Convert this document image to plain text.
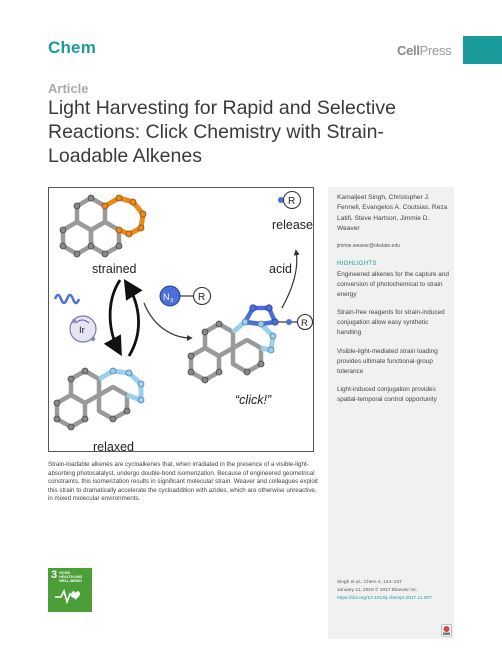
Chem	CellPress
Article
Light Harvesting for Rapid and Selective Reactions: Click Chemistry with Strain-Loadable Alkenes
strained
relaxed
Ir
N 3 R
R
“click!”
acid
release
R

Strain-loadable alkenes are cycloalkenes that, when irradiated in the presence of a visible-light-absorbing photocatalyst, undergo double-bond isomerization. Because of engineered geometrical constraints, this isomerization results in significant molecular strain. Weaver and colleagues exploit this strain to dramatically accelerate the cycloaddition with azides, which are otherwise unreactive, in mixed molecular environments.

3 GOOD HEALTH AND WELL-BEING
Kamaljeet Singh, Christopher J. Fennell, Evangelos A. Coutsias, Reza Latifi, Steve Hartson, Jimmie D. Weaver
jimmie.weaver@okstate.edu
HIGHLIGHTS
Engineered alkenes for the capture and conversion of photochemical to strain energy
Strain-free reagents for strain-induced conjugation allow easy synthetic handling
Visible-light-mediated strain loading provides ultimate functional-group tolerance
Light-induced conjugation provides spatial-temporal control opportunity
Singh et al., Chem 4, 124–137
January 11, 2018 © 2017 Elsevier Inc.
https://doi.org/10.1016/j.chempr.2017.11.007
